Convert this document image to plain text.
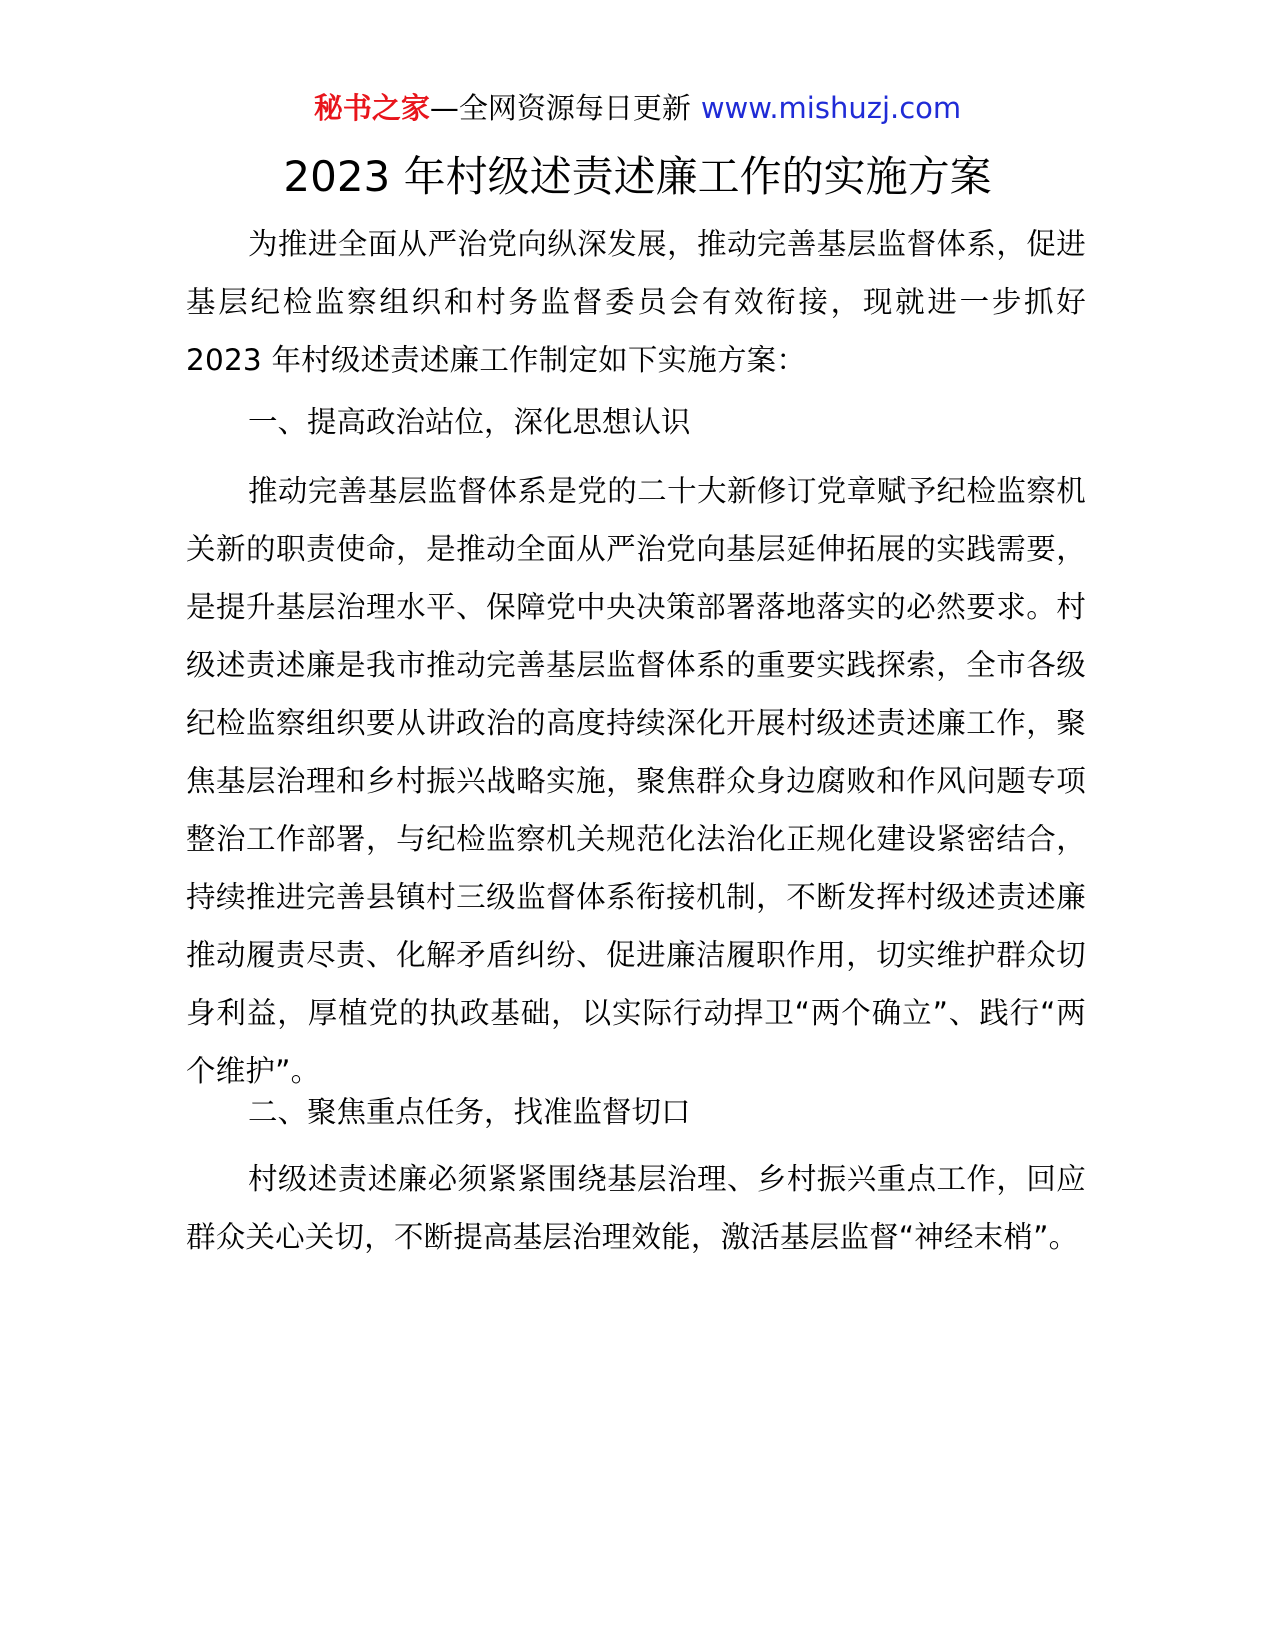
秘书之家—全网资源每日更新 www.mishuzj.com
2023 年村级述责述廉工作的实施方案

为推进全面从严治党向纵深发展，推动完善基层监督体系，促进基层纪检监察组织和村务监督委员会有效衔接，现就进一步抓好 2023 年村级述责述廉工作制定如下实施方案：

一、提高政治站位，深化思想认识

推动完善基层监督体系是党的二十大新修订党章赋予纪检监察机关新的职责使命，是推动全面从严治党向基层延伸拓展的实践需要，是提升基层治理水平、保障党中央决策部署落地落实的必然要求。村级述责述廉是我市推动完善基层监督体系的重要实践探索，全市各级纪检监察组织要从讲政治的高度持续深化开展村级述责述廉工作，聚焦基层治理和乡村振兴战略实施，聚焦群众身边腐败和作风问题专项整治工作部署，与纪检监察机关规范化法治化正规化建设紧密结合，持续推进完善县镇村三级监督体系衔接机制，不断发挥村级述责述廉推动履责尽责、化解矛盾纠纷、促进廉洁履职作用，切实维护群众切身利益，厚植党的执政基础，以实际行动捍卫“两个确立”、践行“两个维护”。

二、聚焦重点任务，找准监督切口

村级述责述廉必须紧紧围绕基层治理、乡村振兴重点工作，回应群众关心关切，不断提高基层治理效能，激活基层监督“神经末梢”。
